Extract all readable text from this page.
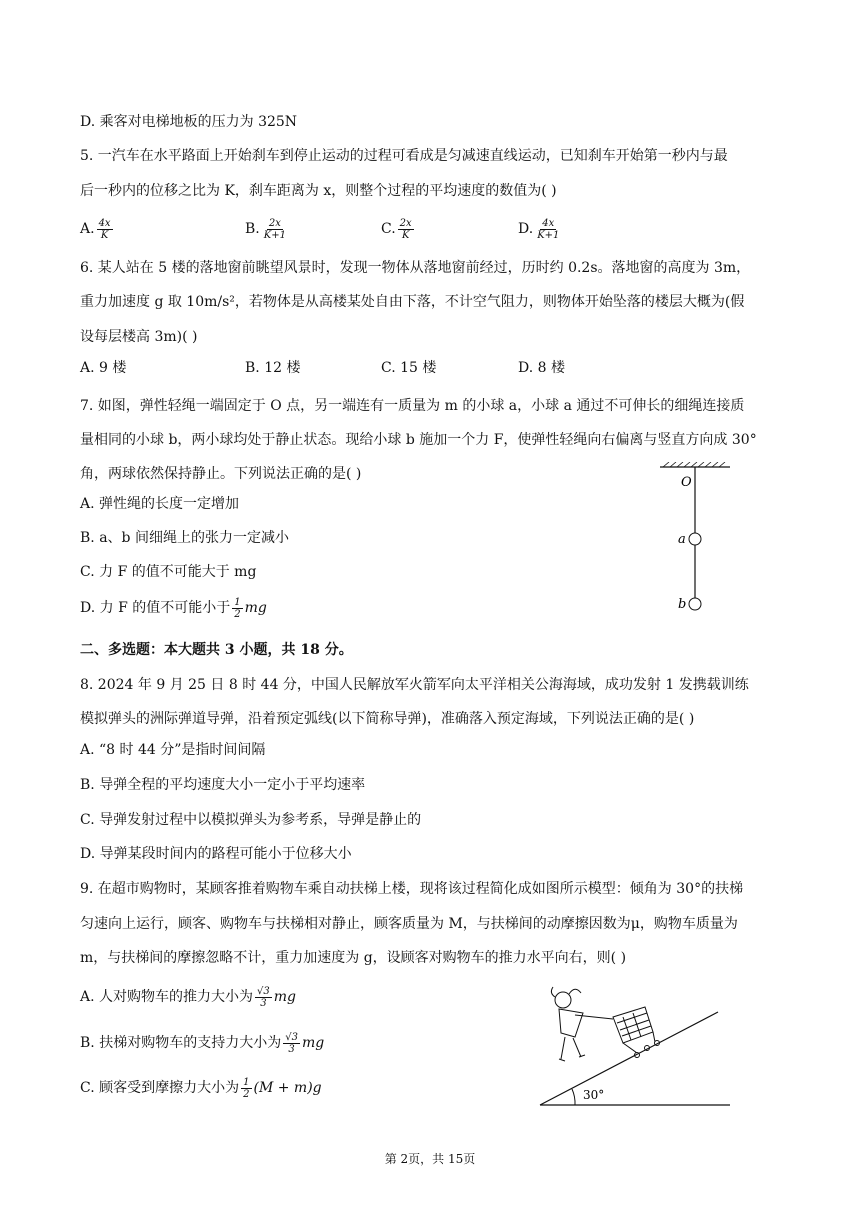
D. 乘客对电梯地板的压力为 325N
5. 一汽车在水平路面上开始刹车到停止运动的过程可看成是匀减速直线运动，已知刹车开始第一秒内与最
后一秒内的位移之比为 K，刹车距离为 x，则整个过程的平均速度的数值为( )
A. $\frac{4x}{K}$	B. $\frac{2x}{K+1}$	C. $\frac{2x}{K}$	D. $\frac{4x}{K+1}$
6. 某人站在 5 楼的落地窗前眺望风景时，发现一物体从落地窗前经过，历时约 0.2s。落地窗的高度为 3m，
重力加速度 g 取 10m/s²，若物体是从高楼某处自由下落，不计空气阻力，则物体开始坠落的楼层大概为(假
设每层楼高 3m)( )
A. 9 楼	B. 12 楼	C. 15 楼	D. 8 楼
7. 如图，弹性轻绳一端固定于 O 点，另一端连有一质量为 m 的小球 a，小球 a 通过不可伸长的细绳连接质
量相同的小球 b，两小球均处于静止状态。现给小球 b 施加一个力 F，使弹性轻绳向右偏离与竖直方向成 30°
角，两球依然保持静止。下列说法正确的是( )
A. 弹性绳的长度一定增加
B. a、b 间细绳上的张力一定减小
C. 力 F 的值不可能大于 mg
D. 力 F 的值不可能小于 $\frac{1}{2}$ mg
O
a
b
二、多选题：本大题共 3 小题，共 18 分。
8. 2024 年 9 月 25 日 8 时 44 分，中国人民解放军火箭军向太平洋相关公海海域，成功发射 1 发携载训练
模拟弹头的洲际弹道导弹，沿着预定弧线(以下简称导弹)，准确落入预定海域，下列说法正确的是( )
A. “8 时 44 分”是指时间间隔
B. 导弹全程的平均速度大小一定小于平均速率
C. 导弹发射过程中以模拟弹头为参考系，导弹是静止的
D. 导弹某段时间内的路程可能小于位移大小
9. 在超市购物时，某顾客推着购物车乘自动扶梯上楼，现将该过程简化成如图所示模型：倾角为 30°的扶梯
匀速向上运行，顾客、购物车与扶梯相对静止，顾客质量为 M，与扶梯间的动摩擦因数为μ，购物车质量为
m，与扶梯间的摩擦忽略不计，重力加速度为 g，设顾客对购物车的推力水平向右，则( )
A. 人对购物车的推力大小为 $\frac{√3}{3}$ mg
B. 扶梯对购物车的支持力大小为 $\frac{√3}{3}$ mg
C. 顾客受到摩擦力大小为 $\frac{1}{2} (M + m)g$	30°
第 2页，共 15页
